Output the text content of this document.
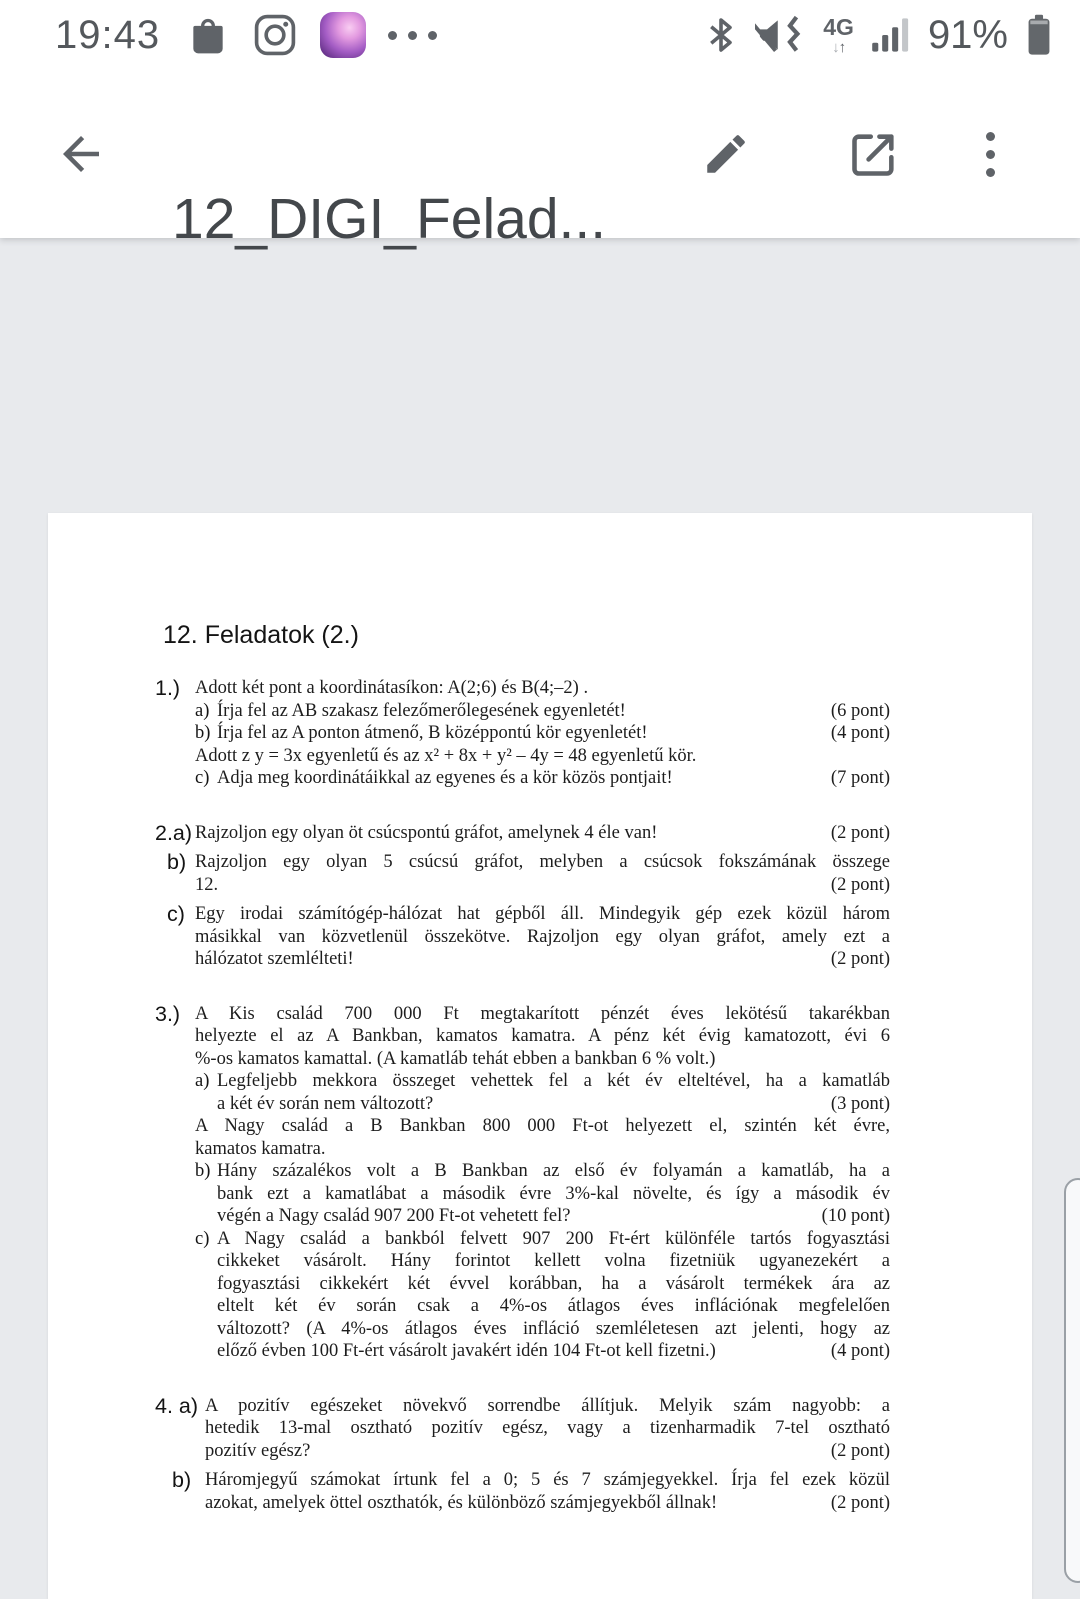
19:43	4G
↓↑ 91%
12_DIGI_Felad...
12. Feladatok (2.)
1.) Adott két pont a koordinátasíkon: A(2;6) és B(4;–2) .
a) Írja fel az AB szakasz felezőmerőlegesének egyenletét!	(6 pont)
b) Írja fel az A ponton átmenő, B középpontú kör egyenletét!	(4 pont)
Adott z y = 3x egyenletű és az x² + 8x + y² – 4y = 48 egyenletű kör.
c) Adja meg koordinátáikkal az egyenes és a kör közös pontjait!	(7 pont)
2.a) Rajzoljon egy olyan öt csúcspontú gráfot, amelynek 4 éle van!	(2 pont)
b) Rajzoljon egy olyan 5 csúcsú gráfot, melyben a csúcsok fokszámának összege
12.	(2 pont)
c) Egy irodai számítógép-hálózat hat gépből áll. Mindegyik gép ezek közül három
másikkal van közvetlenül összekötve. Rajzoljon egy olyan gráfot, amely ezt a
hálózatot szemlélteti!	(2 pont)
3.) A Kis család 700 000 Ft megtakarított pénzét éves lekötésű takarékban
helyezte el az A Bankban, kamatos kamatra. A pénz két évig kamatozott, évi 6
%-os kamatos kamattal. (A kamatláb tehát ebben a bankban 6 % volt.)
a) Legfeljebb mekkora összeget vehettek fel a két év elteltével, ha a kamatláb
a két év során nem változott?	(3 pont)
A Nagy család a B Bankban 800 000 Ft-ot helyezett el, szintén két évre,
kamatos kamatra.
b) Hány százalékos volt a B Bankban az első év folyamán a kamatláb, ha a
bank ezt a kamatlábat a második évre 3%-kal növelte, és így a második év
végén a Nagy család 907 200 Ft-ot vehetett fel?	(10 pont)
c) A Nagy család a bankból felvett 907 200 Ft-ért különféle tartós fogyasztási
cikkeket vásárolt. Hány forintot kellett volna fizetniük ugyanezekért a
fogyasztási cikkekért két évvel korábban, ha a vásárolt termékek ára az
eltelt két év során csak a 4%-os átlagos éves inflációnak megfelelően
változott? (A 4%-os átlagos éves infláció szemléletesen azt jelenti, hogy az
előző évben 100 Ft-ért vásárolt javakért idén 104 Ft-ot kell fizetni.)	(4 pont)
4. a) A pozitív egészeket növekvő sorrendbe állítjuk. Melyik szám nagyobb: a
hetedik 13-mal osztható pozitív egész, vagy a tizenharmadik 7-tel osztható
pozitív egész?	(2 pont)
b) Háromjegyű számokat írtunk fel a 0; 5 és 7 számjegyekkel. Írja fel ezek közül
azokat, amelyek öttel oszthatók, és különböző számjegyekből állnak!	(2 pont)
